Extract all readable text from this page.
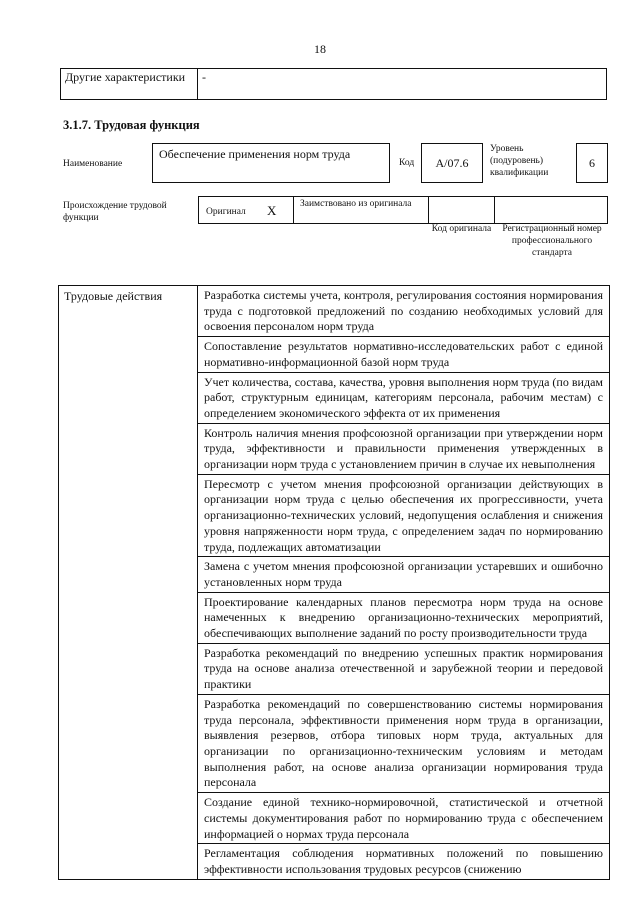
18
Другие характеристики	-
3.1.7. Трудовая функция
Наименование
Обеспечение применения норм труда
Код	A/07.6
Уровень (подуровень) квалификации
6
Происхождение трудовой функции
Оригинал X Заимствовано из оригинала
Код оригинала	Регистрационный номер профессионального стандарта
Трудовые действия	Разработка системы учета, контроля, регулирования состояния нормирования труда с подготовкой предложений по созданию необходимых условий для освоения персоналом норм труда
Сопоставление результатов нормативно-исследовательских работ с единой нормативно-информационной базой норм труда
Учет количества, состава, качества, уровня выполнения норм труда (по видам работ, структурным единицам, категориям персонала, рабочим местам) с определением экономического эффекта от их применения
Контроль наличия мнения профсоюзной организации при утверждении норм труда, эффективности и правильности применения утвержденных в организации норм труда с установлением причин в случае их невыполнения
Пересмотр с учетом мнения профсоюзной организации действующих в организации норм труда с целью обеспечения их прогрессивности, учета организационно-технических условий, недопущения ослабления и снижения уровня напряженности норм труда, с определением задач по нормированию труда, подлежащих автоматизации
Замена с учетом мнения профсоюзной организации устаревших и ошибочно установленных норм труда
Проектирование календарных планов пересмотра норм труда на основе намеченных к внедрению организационно-технических мероприятий, обеспечивающих выполнение заданий по росту производительности труда
Разработка рекомендаций по внедрению успешных практик нормирования труда на основе анализа отечественной и зарубежной теории и передовой практики
Разработка рекомендаций по совершенствованию системы нормирования труда персонала, эффективности применения норм труда в организации, выявления резервов, отбора типовых норм труда, актуальных для организации по организационно-техническим условиям и методам выполнения работ, на основе анализа организации нормирования труда персонала
Создание единой технико-нормировочной, статистической и отчетной системы документирования работ по нормированию труда с обеспечением информацией о нормах труда персонала
Регламентация соблюдения нормативных положений по повышению эффективности использования трудовых ресурсов (снижению
